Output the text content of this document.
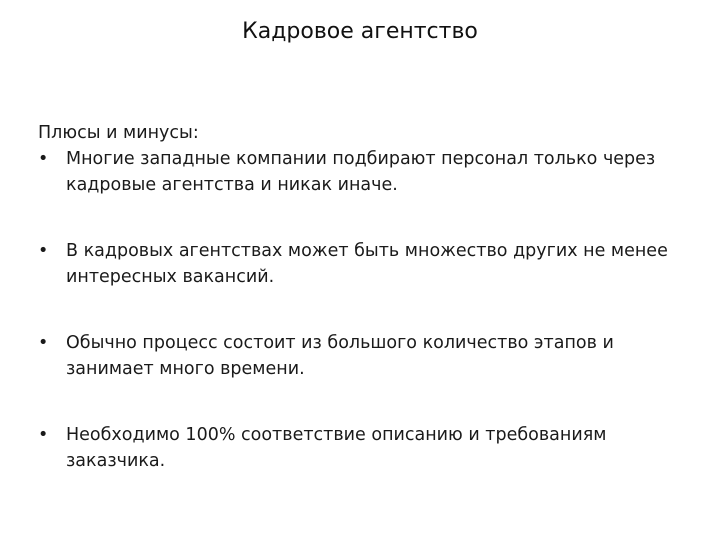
Кадровое агентство

Плюсы и минусы:

•	Многие западные компании подбирают персонал только через кадровые агентства и никак иначе.
•	В кадровых агентствах может быть множество других не менее интересных вакансий.
•	Обычно процесс состоит из большого количество этапов и занимает много времени.
•	Необходимо 100% соответствие описанию и требованиям заказчика.
